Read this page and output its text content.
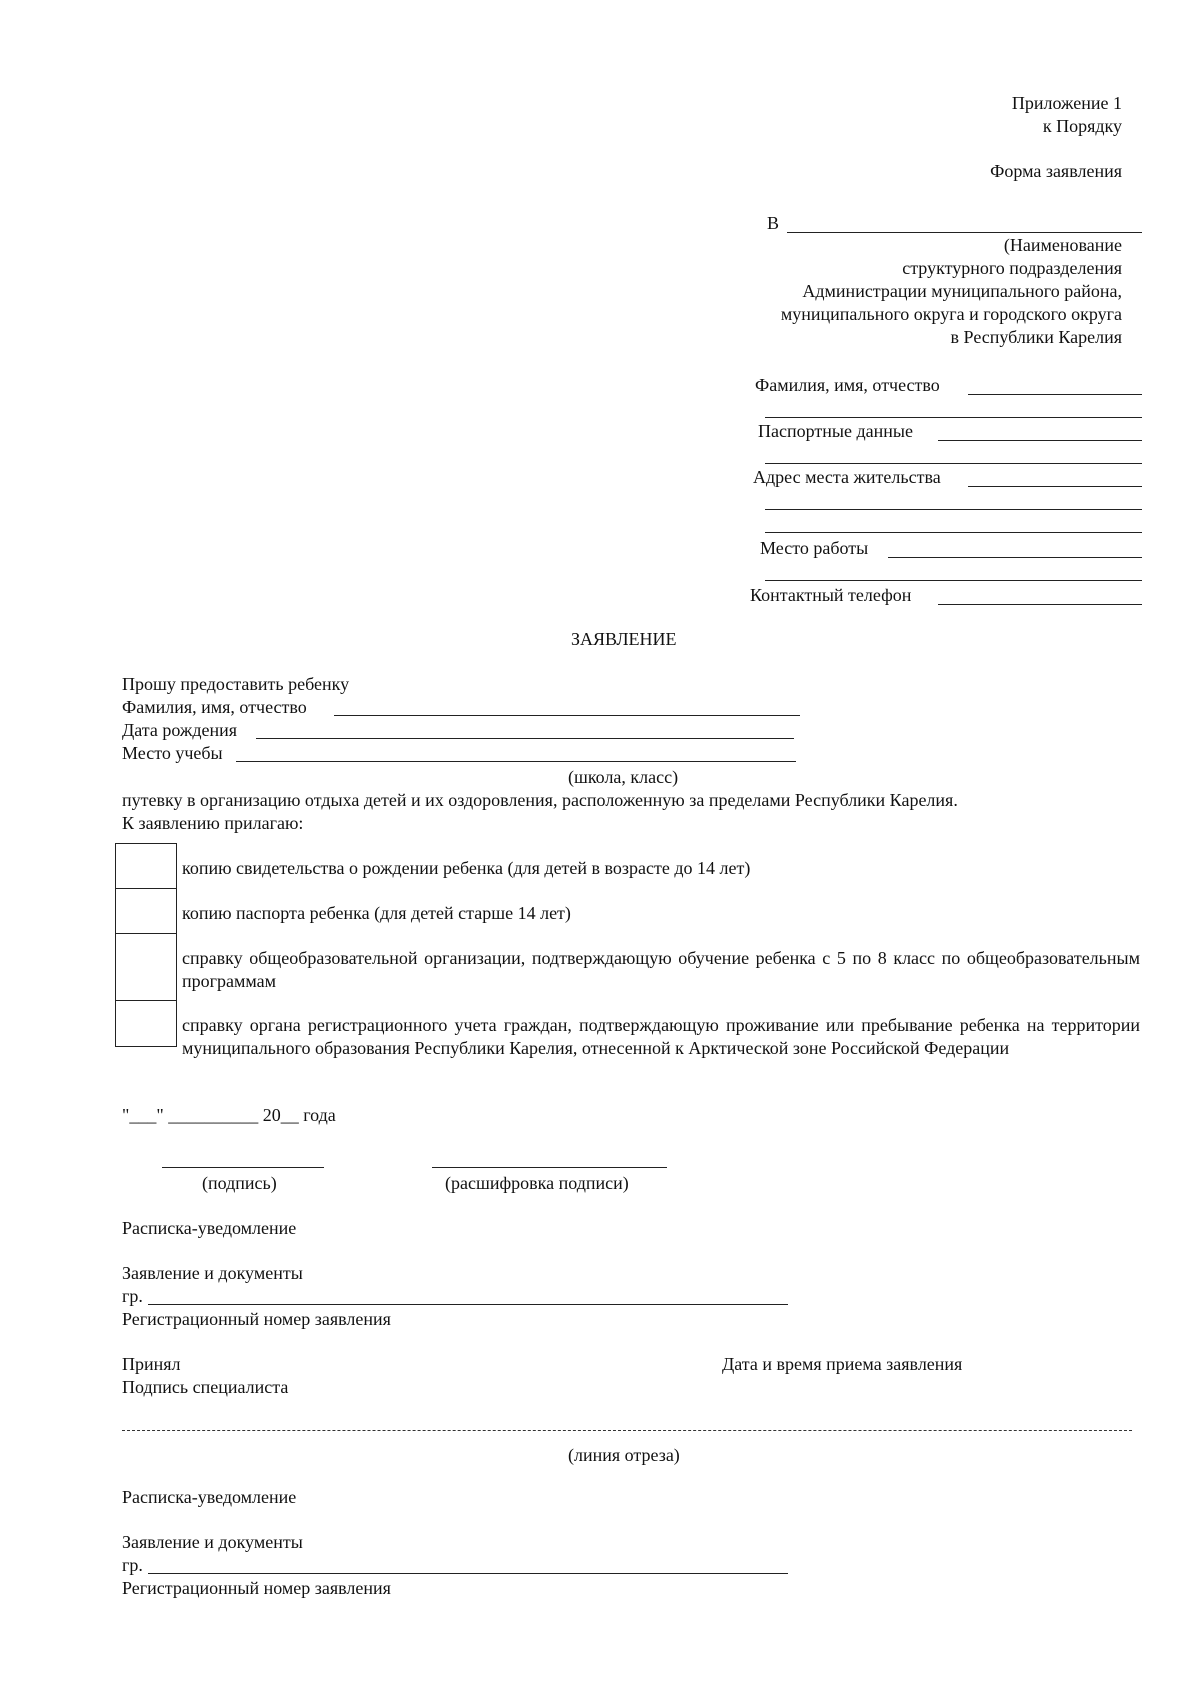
Приложение 1
к Порядку
Форма заявления
В
(Наименование
структурного подразделения
Администрации муниципального района,
муниципального округа и городского округа
в Республики Карелия
Фамилия, имя, отчество
Паспортные данные
Адрес места жительства
Место работы
Контактный телефон
ЗАЯВЛЕНИЕ
Прошу предоставить ребенку
Фамилия, имя, отчество
Дата рождения
Место учебы
(школа, класс)
путевку в организацию отдыха детей и их оздоровления, расположенную за пределами Республики Карелия.
К заявлению прилагаю:
копию свидетельства о рождении ребенка (для детей в возрасте до 14 лет)
копию паспорта ребенка (для детей старше 14 лет)
справку общеобразовательной организации, подтверждающую обучение ребенка с 5 по 8 класс по общеобразовательным программам
справку органа регистрационного учета граждан, подтверждающую проживание или пребывание ребенка на территории муниципального образования Республики Карелия, отнесенной к Арктической зоне Российской Федерации
"___" __________ 20__ года
(подпись)	(расшифровка подписи)
Расписка-уведомление
Заявление и документы
гр.
Регистрационный номер заявления
Принял	Дата и время приема заявления
Подпись специалиста
(линия отреза)
Расписка-уведомление
Заявление и документы
гр.
Регистрационный номер заявления
